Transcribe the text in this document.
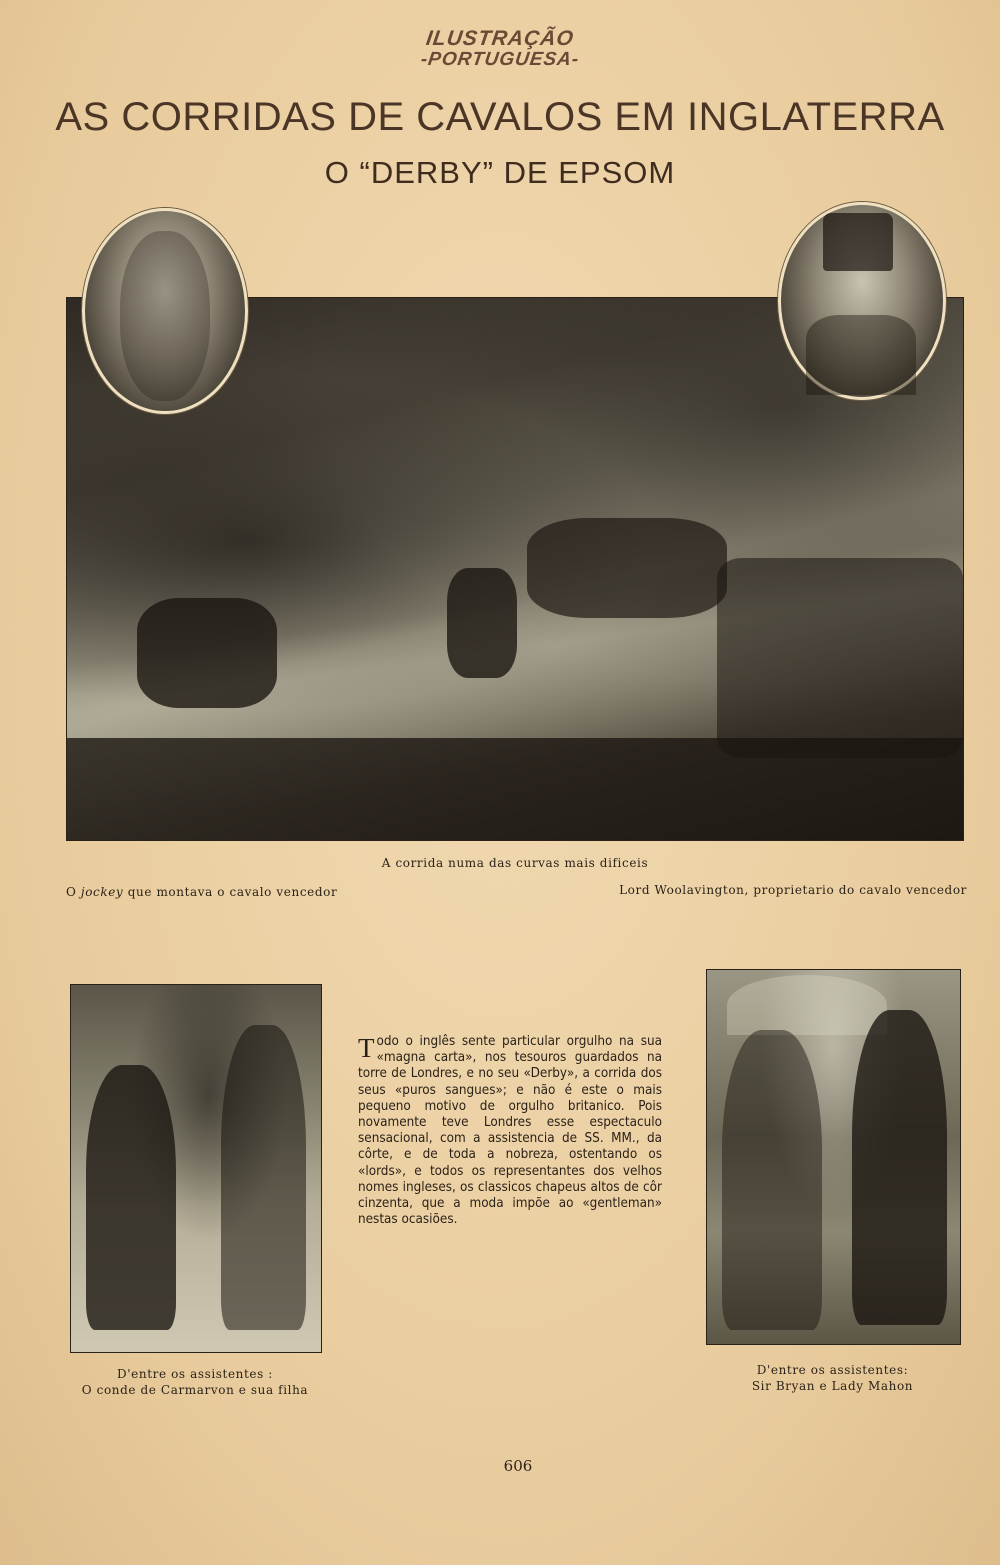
ILUSTRAÇÃO
-PORTUGUESA-
AS CORRIDAS DE CAVALOS EM INGLATERRA
O “DERBY” DE EPSOM
A corrida numa das curvas mais dificeis
O jockey que montava o cavalo vencedor	Lord Woolavington, proprietario do cavalo vencedor
D'entre os assistentes :
O conde de Carmarvon e sua filha
Todo o inglês sente particular orgulho na sua «magna carta», nos tesouros guardados na torre de Londres, e no seu «Derby», a corrida dos seus «puros sangues»; e não é este o mais pequeno motivo de orgulho britanico. Pois novamente teve Londres esse espectaculo sensacional, com a assistencia de SS. MM., da côrte, e de toda a nobreza, ostentando os «lords», e todos os representantes dos velhos nomes ingleses, os classicos chapeus altos de côr cinzenta, que a moda impõe ao «gentleman» nestas ocasiões.
D'entre os assistentes:
Sir Bryan e Lady Mahon
606
